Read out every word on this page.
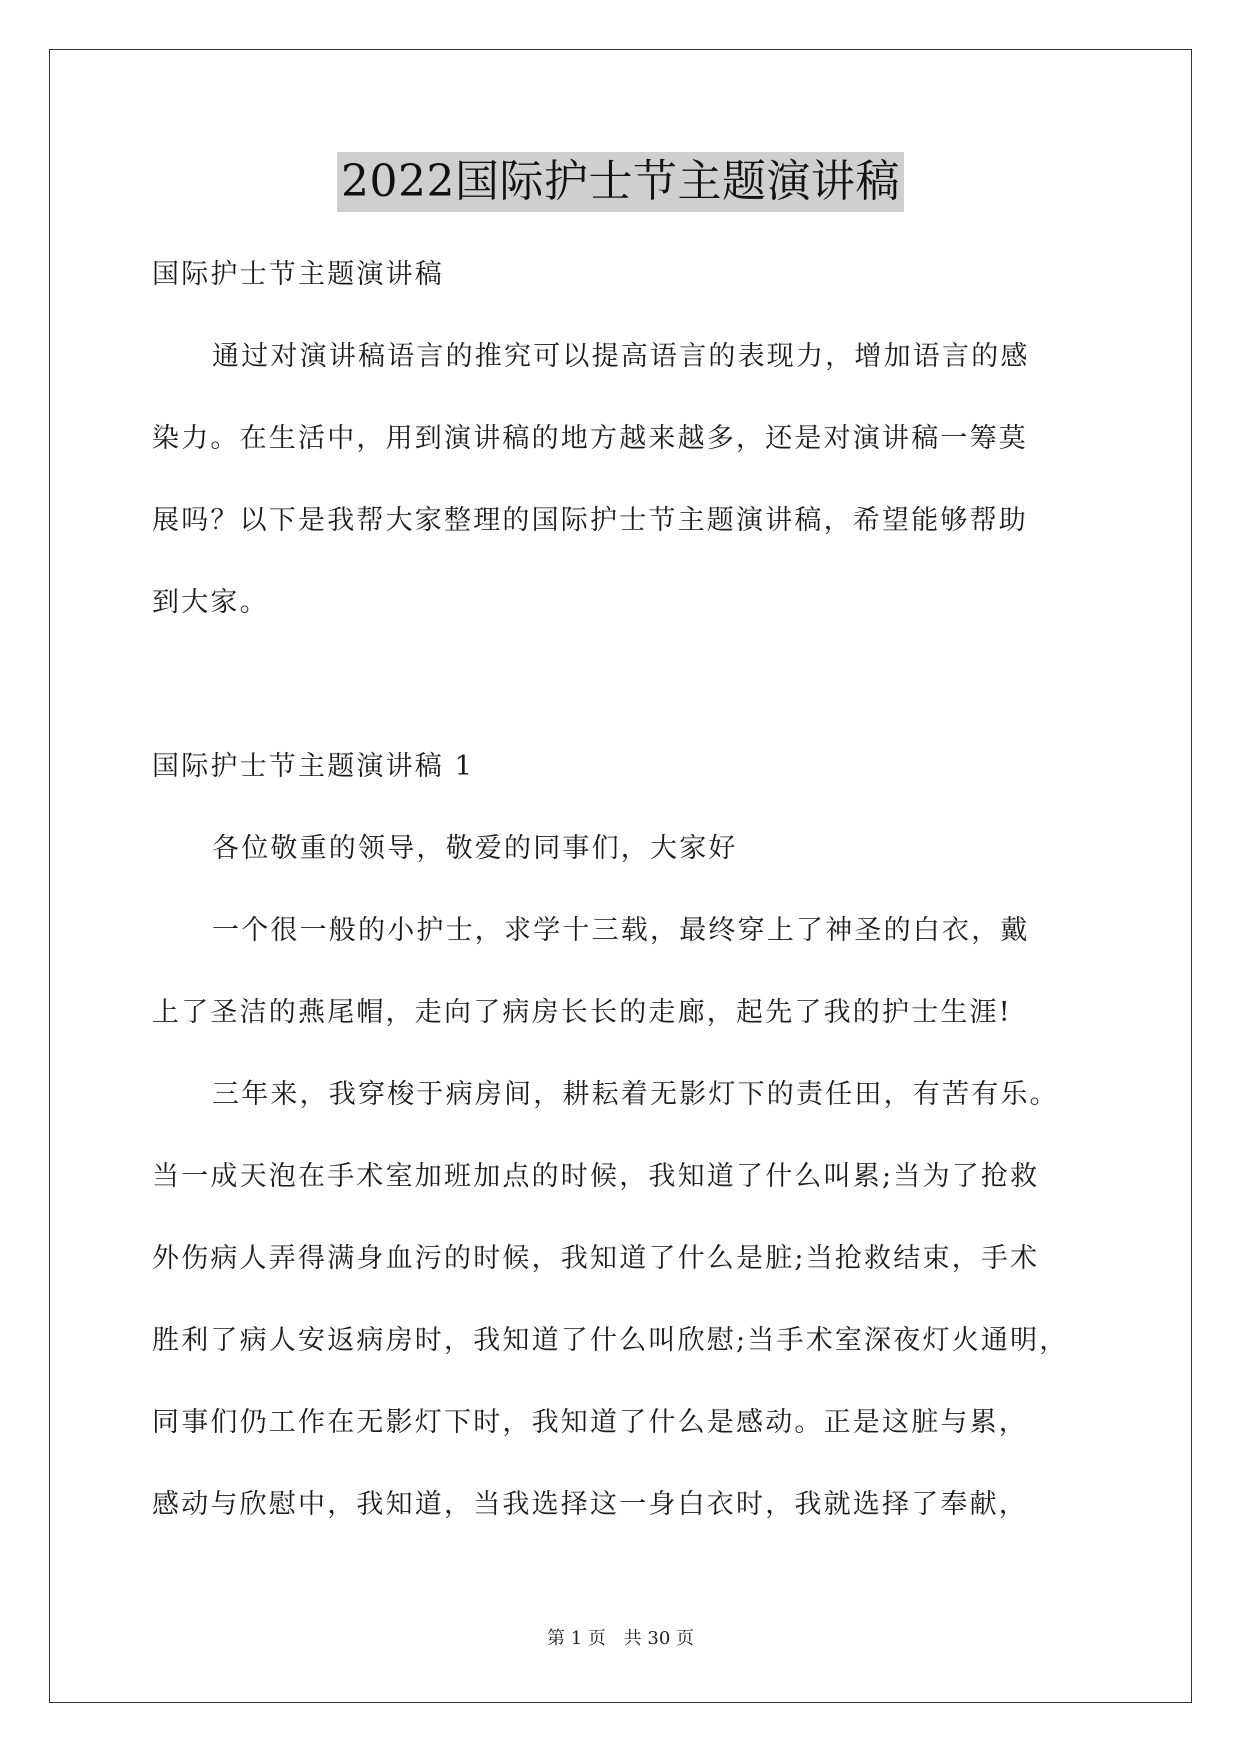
2022国际护士节主题演讲稿
国际护士节主题演讲稿
通过对演讲稿语言的推究可以提高语言的表现力，增加语言的感
染力。在生活中，用到演讲稿的地方越来越多，还是对演讲稿一筹莫
展吗？以下是我帮大家整理的国际护士节主题演讲稿，希望能够帮助
到大家。
国际护士节主题演讲稿 1
各位敬重的领导，敬爱的同事们，大家好
一个很一般的小护士，求学十三载，最终穿上了神圣的白衣，戴
上了圣洁的燕尾帽，走向了病房长长的走廊，起先了我的护士生涯!
三年来，我穿梭于病房间，耕耘着无影灯下的责任田，有苦有乐。
当一成天泡在手术室加班加点的时候，我知道了什么叫累;当为了抢救
外伤病人弄得满身血污的时候，我知道了什么是脏;当抢救结束，手术
胜利了病人安返病房时，我知道了什么叫欣慰;当手术室深夜灯火通明，
同事们仍工作在无影灯下时，我知道了什么是感动。正是这脏与累，
感动与欣慰中，我知道，当我选择这一身白衣时，我就选择了奉献，
第 1 页 共 30 页
